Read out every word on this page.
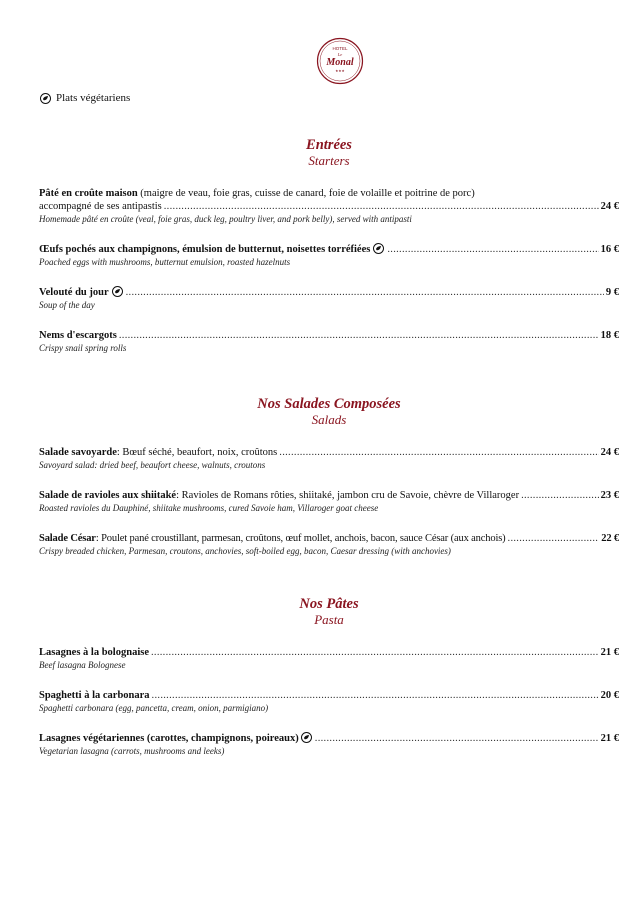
HOTEL
Le
Monal
★★★
Plats végétariens
Entrées
Starters
Pâté en croûte maison (maigre de veau, foie gras, cuisse de canard, foie de volaille et poitrine de porc)
accompagné de ses antipastis .....	24 €
Homemade pâté en croûte (veal, foie gras, duck leg, poultry liver, and pork belly), served with antipasti
Œufs pochés aux champignons, émulsion de butternut, noisettes torréfiées .....	16 €
Poached eggs with mushrooms, butternut emulsion, roasted hazelnuts
Velouté du jour .....	9 €
Soup of the day
Nems d'escargots .....	18 €
Crispy snail spring rolls
Nos Salades Composées
Salads
Salade savoyarde : Bœuf séché, beaufort, noix, croûtons .....	24 €
Savoyard salad: dried beef, beaufort cheese, walnuts, croutons
Salade de ravioles aux shiitaké : Ravioles de Romans rôties, shiitaké, jambon cru de Savoie, chèvre de Villaroger .....	23 €
Roasted ravioles du Dauphiné, shiitake mushrooms, cured Savoie ham, Villaroger goat cheese
Salade César : Poulet pané croustillant, parmesan, croûtons, œuf mollet, anchois, bacon, sauce César (aux anchois) .....	22 €
Crispy breaded chicken, Parmesan, croutons, anchovies, soft-boiled egg, bacon, Caesar dressing (with anchovies)
Nos Pâtes
Pasta
Lasagnes à la bolognaise .....	21 €
Beef lasagna Bolognese
Spaghetti à la carbonara .....	20 €
Spaghetti carbonara (egg, pancetta, cream, onion, parmigiano)
Lasagnes végétariennes (carottes, champignons, poireaux) .....	21 €
Vegetarian lasagna (carrots, mushrooms and leeks)
